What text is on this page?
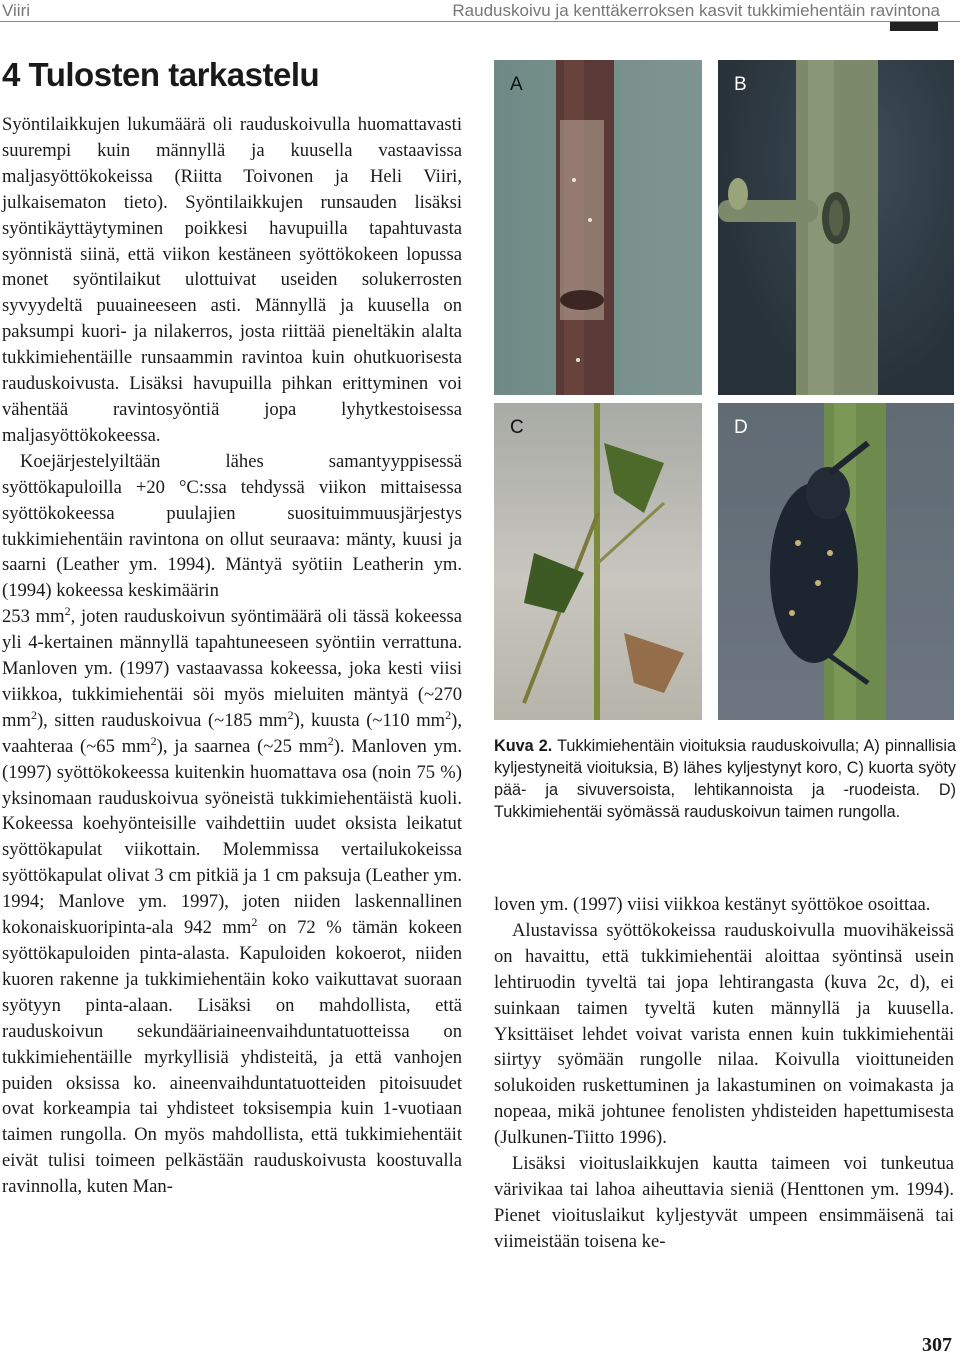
Viiri	Rauduskoivu ja kenttäkerroksen kasvit tukkimiehentäin ravintona
4 Tulosten tarkastelu

Syöntilaikkujen lukumäärä oli rauduskoivulla huomattavasti suurempi kuin männyllä ja kuusella vastaavissa maljasyöttökokeissa (Riitta Toivonen ja Heli Viiri, julkaisematon tieto). Syöntilaikkujen runsauden lisäksi syöntikäyttäytyminen poikkesi havupuilla tapahtuvasta syönnistä siinä, että viikon kestäneen syöttökokeen lopussa monet syöntilaikut ulottuivat useiden solukerrosten syvyydeltä puuaineeseen asti. Männyllä ja kuusella on paksumpi kuori- ja nilakerros, josta riittää pieneltäkin alalta tukkimiehentäille runsaammin ravintoa kuin ohutkuorisesta rauduskoivusta. Lisäksi havupuilla pihkan erittyminen voi vähentää ravintosyöntiä jopa lyhytkestoisessa maljasyöttökokeessa.

Koejärjestelyiltään lähes samantyyppisessä syöttökapuloilla +20 °C:ssa tehdyssä viikon mittaisessa syöttökokeessa puulajien suosituimmuusjärjestys tukkimiehentäin ravintona on ollut seuraava: mänty, kuusi ja saarni (Leather ym. 1994). Mäntyä syötiin Leatherin ym. (1994) kokeessa keskimäärin

253 $mm^2$, joten rauduskoivun syöntimäärä oli tässä kokeessa yli 4-kertainen männyllä tapahtuneeseen syöntiin verrattuna. Manloven ym. (1997) vastaavassa kokeessa, joka kesti viisi viikkoa, tukkimiehentäi söi myös mieluiten mäntyä (~270 $mm^2$), sitten rauduskoivua (~185 $mm^2$), kuusta (~110 $mm^2$), vaahteraa (~65 $mm^2$), ja saarnea (~25 $mm^2$). Manloven ym. (1997) syöttökokeessa kuitenkin huomattava osa (noin 75 %) yksinomaan rauduskoivua syöneistä tukkimiehentäistä kuoli. Kokeessa koehyönteisille vaihdettiin uudet oksista leikatut syöttökapulat viikottain. Molemmissa vertailukokeissa syöttökapulat olivat 3 cm pitkiä ja 1 cm paksuja (Leather ym. 1994; Manlove ym. 1997), joten niiden laskennallinen kokonaiskuoripinta-ala 942 $mm^2$ on 72 % tämän kokeen syöttökapuloiden pinta-alasta. Kapuloiden kokoerot, niiden kuoren rakenne ja tukkimiehentäin koko vaikuttavat suoraan syötyyn pinta-alaan. Lisäksi on mahdollista, että rauduskoivun sekundääriaineenvaihduntatuotteissa on tukkimiehentäille myrkyllisiä yhdisteitä, ja että vanhojen puiden oksissa ko. aineenvaihduntatuotteiden pitoisuudet ovat korkeampia tai yhdisteet toksisempia kuin 1-vuotiaan taimen rungolla. On myös mahdollista, että tukkimiehentäit eivät tulisi toimeen pelkästään rauduskoivusta koostuvalla ravinnolla, kuten Man-

A	B
C	D
Kuva 2. Tukkimiehentäin vioituksia rauduskoivulla; A) pinnallisia kyljestyneitä vioituksia, B) lähes kyljestynyt koro, C) kuorta syöty pää- ja sivuversoista, lehtikannoista ja -ruodeista. D) Tukkimiehentäi syömässä rauduskoivun taimen rungolla.

loven ym. (1997) viisi viikkoa kestänyt syöttökoe osoittaa.

Alustavissa syöttökokeissa rauduskoivulla muovihäkeissä on havaittu, että tukkimiehentäi aloittaa syöntinsä usein lehtiruodin tyveltä tai jopa lehtirangasta (kuva 2c, d), ei suinkaan taimen tyveltä kuten männyllä ja kuusella. Yksittäiset lehdet voivat varista ennen kuin tukkimiehentäi siirtyy syömään rungolle nilaa. Koivulla vioittuneiden solukoiden ruskettuminen ja lakastuminen on voimakasta ja nopeaa, mikä johtunee fenolisten yhdisteiden hapettumisesta (Julkunen-Tiitto 1996).

Lisäksi vioituslaikkujen kautta taimeen voi tunkeutua värivikaa tai lahoa aiheuttavia sieniä (Henttonen ym. 1994). Pienet vioituslaikut kyljestyvät umpeen ensimmäisenä tai viimeistään toisena ke-

307
